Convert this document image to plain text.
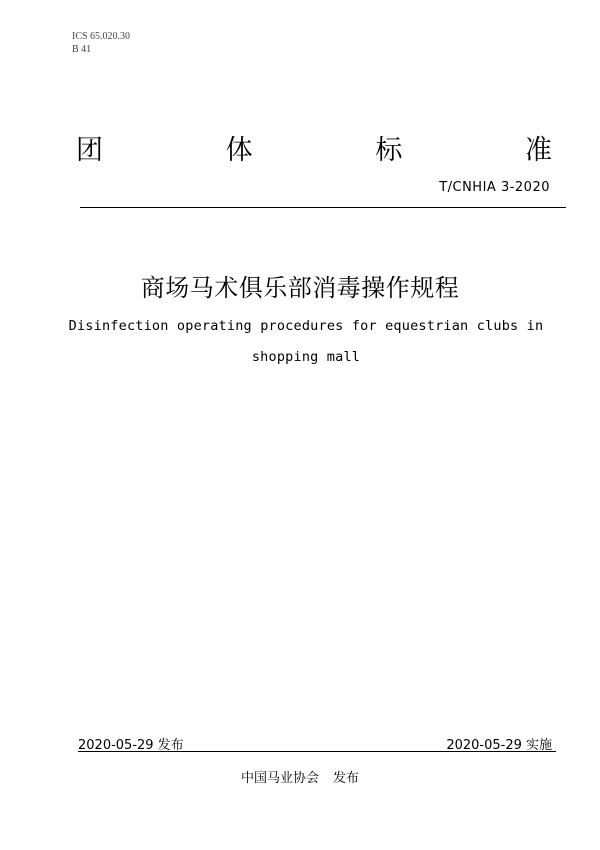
ICS 65.020.30
B 41
团	体	标	准
T/CNHIA 3-2020
商场马术俱乐部消毒操作规程
Disinfection operating procedures for equestrian clubs in
shopping mall
2020-05-29 发布	2020-05-29 实施
中国马业协会 发布
